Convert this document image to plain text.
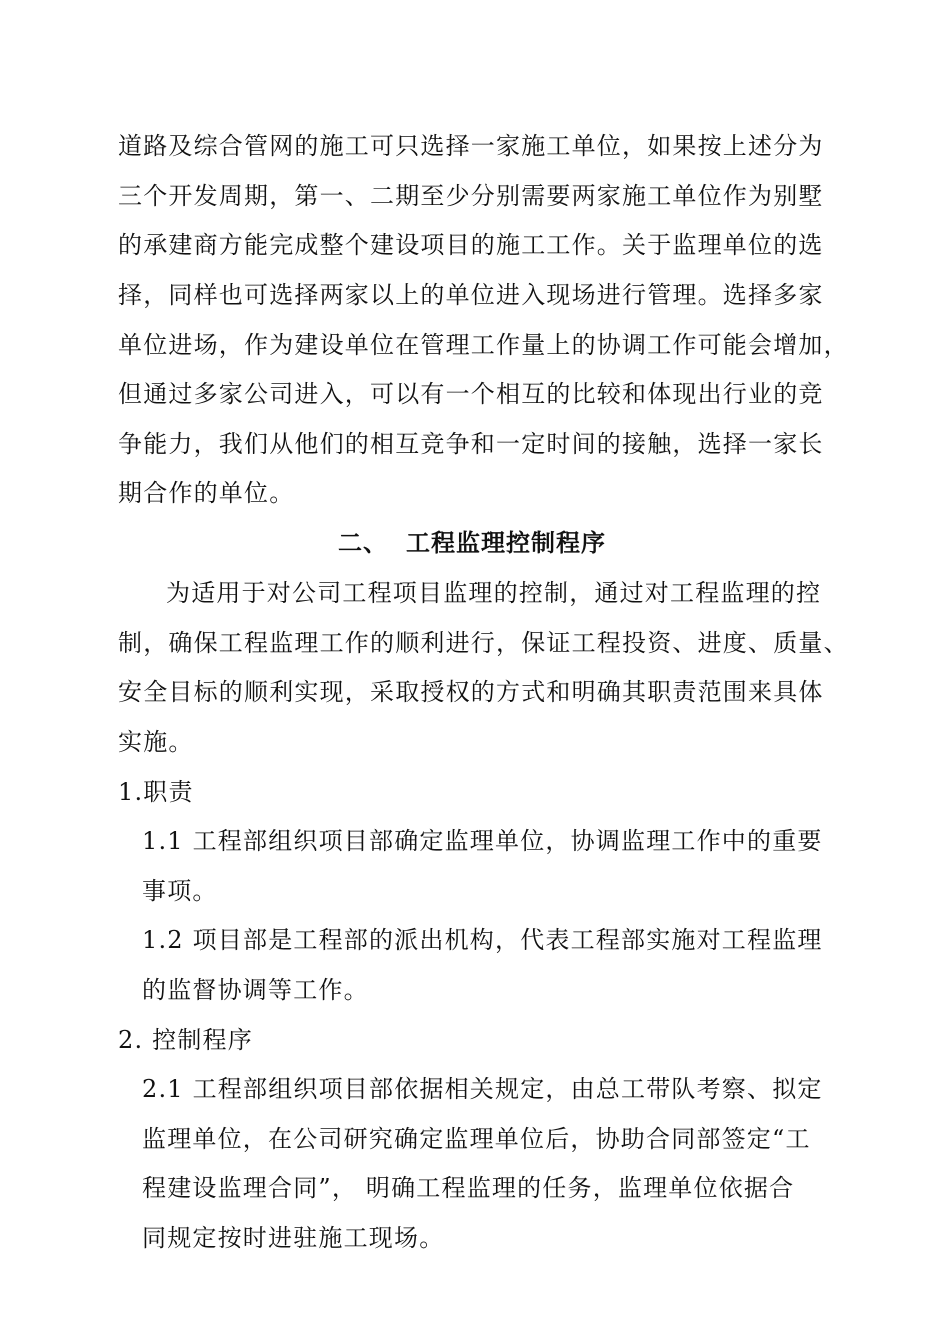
道路及综合管网的施工可只选择一家施工单位，如果按上述分为
三个开发周期，第一、二期至少分别需要两家施工单位作为别墅
的承建商方能完成整个建设项目的施工工作。关于监理单位的选
择，同样也可选择两家以上的单位进入现场进行管理。选择多家
单位进场，作为建设单位在管理工作量上的协调工作可能会增加，
但通过多家公司进入，可以有一个相互的比较和体现出行业的竞
争能力，我们从他们的相互竞争和一定时间的接触，选择一家长
期合作的单位。
二、 工程监理控制程序
为适用于对公司工程项目监理的控制，通过对工程监理的控
制，确保工程监理工作的顺利进行，保证工程投资、进度、质量、
安全目标的顺利实现，采取授权的方式和明确其职责范围来具体
实施。
1.职责
1.1 工程部组织项目部确定监理单位，协调监理工作中的重要
事项。
1.2 项目部是工程部的派出机构，代表工程部实施对工程监理
的监督协调等工作。
2. 控制程序
2.1 工程部组织项目部依据相关规定，由总工带队考察、拟定
监理单位，在公司研究确定监理单位后，协助合同部签定“工
程建设监理合同”， 明确工程监理的任务，监理单位依据合
同规定按时进驻施工现场。
